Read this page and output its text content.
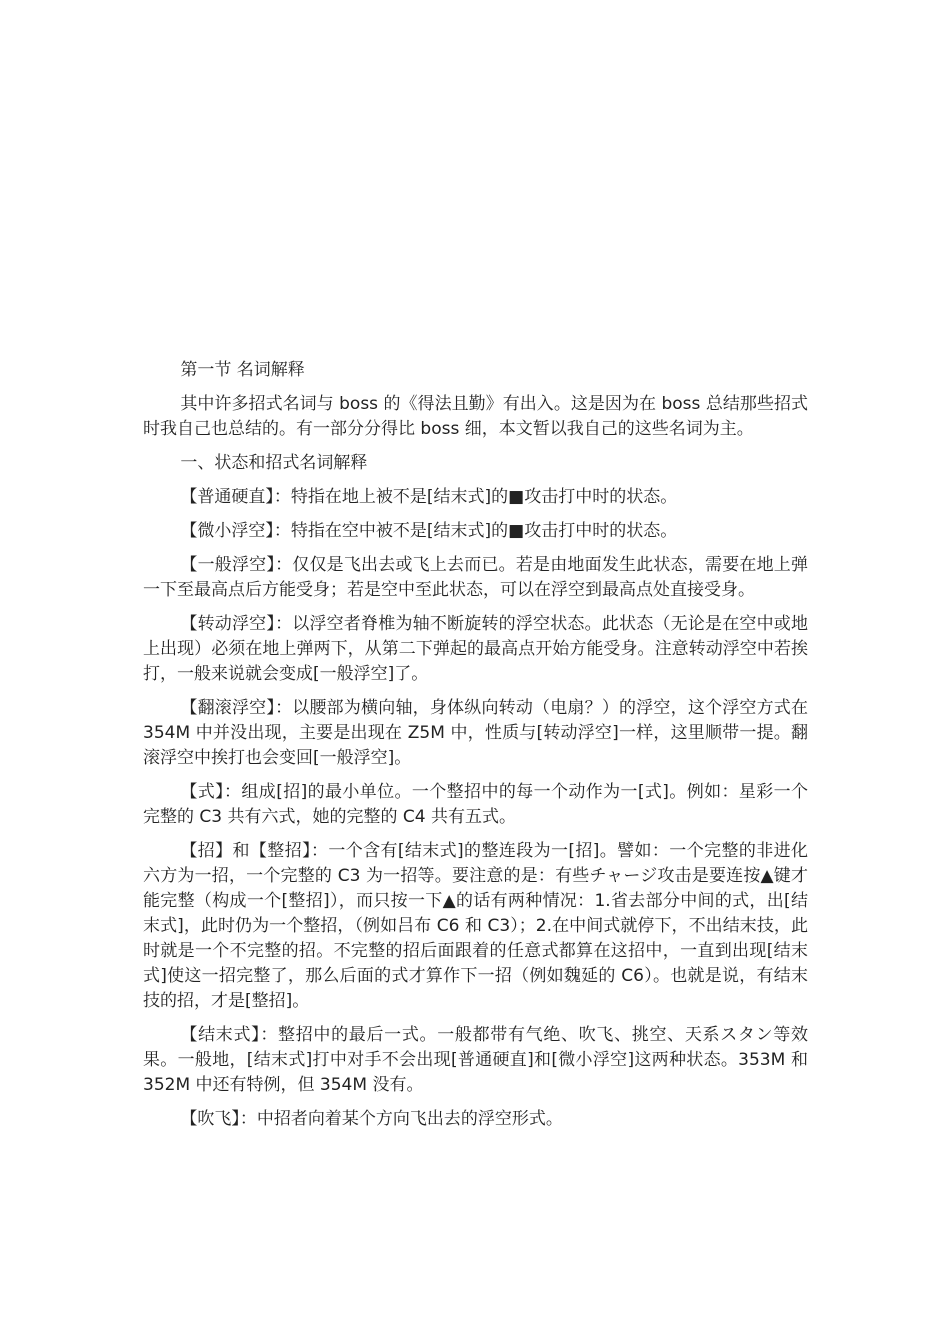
第一节 名词解释

其中许多招式名词与 boss 的《得法且勤》有出入。这是因为在 boss 总结那些招式时我自己也总结的。有一部分分得比 boss 细，本文暂以我自己的这些名词为主。

一、状态和招式名词解释

【普通硬直】：特指在地上被不是[结末式]的■攻击打中时的状态。

【微小浮空】：特指在空中被不是[结末式]的■攻击打中时的状态。

【一般浮空】：仅仅是飞出去或飞上去而已。若是由地面发生此状态，需要在地上弹一下至最高点后方能受身；若是空中至此状态，可以在浮空到最高点处直接受身。

【转动浮空】：以浮空者脊椎为轴不断旋转的浮空状态。此状态（无论是在空中或地上出现）必须在地上弹两下，从第二下弹起的最高点开始方能受身。注意转动浮空中若挨打，一般来说就会变成[一般浮空]了。

【翻滚浮空】：以腰部为横向轴，身体纵向转动（电扇？）的浮空，这个浮空方式在 354M 中并没出现，主要是出现在 Z5M 中，性质与[转动浮空]一样，这里顺带一提。翻滚浮空中挨打也会变回[一般浮空]。

【式】：组成[招]的最小单位。一个整招中的每一个动作为一[式]。例如：星彩一个完整的 C3 共有六式，她的完整的 C4 共有五式。

【招】和【整招】：一个含有[结末式]的整连段为一[招]。譬如：一个完整的非进化六方为一招，一个完整的 C3 为一招等。要注意的是：有些チャージ攻击是要连按▲键才能完整（构成一个[整招]），而只按一下▲的话有两种情况：1.省去部分中间的式，出[结末式]，此时仍为一个整招，（例如吕布 C6 和 C3）；2.在中间式就停下，不出结末技，此时就是一个不完整的招。不完整的招后面跟着的任意式都算在这招中，一直到出现[结末式]使这一招完整了，那么后面的式才算作下一招（例如魏延的 C6）。也就是说，有结末技的招，才是[整招]。

【结末式】：整招中的最后一式。一般都带有气绝、吹飞、挑空、天系スタン等效果。一般地，[结末式]打中对手不会出现[普通硬直]和[微小浮空]这两种状态。353M 和 352M 中还有特例，但 354M 没有。

【吹飞】：中招者向着某个方向飞出去的浮空形式。
